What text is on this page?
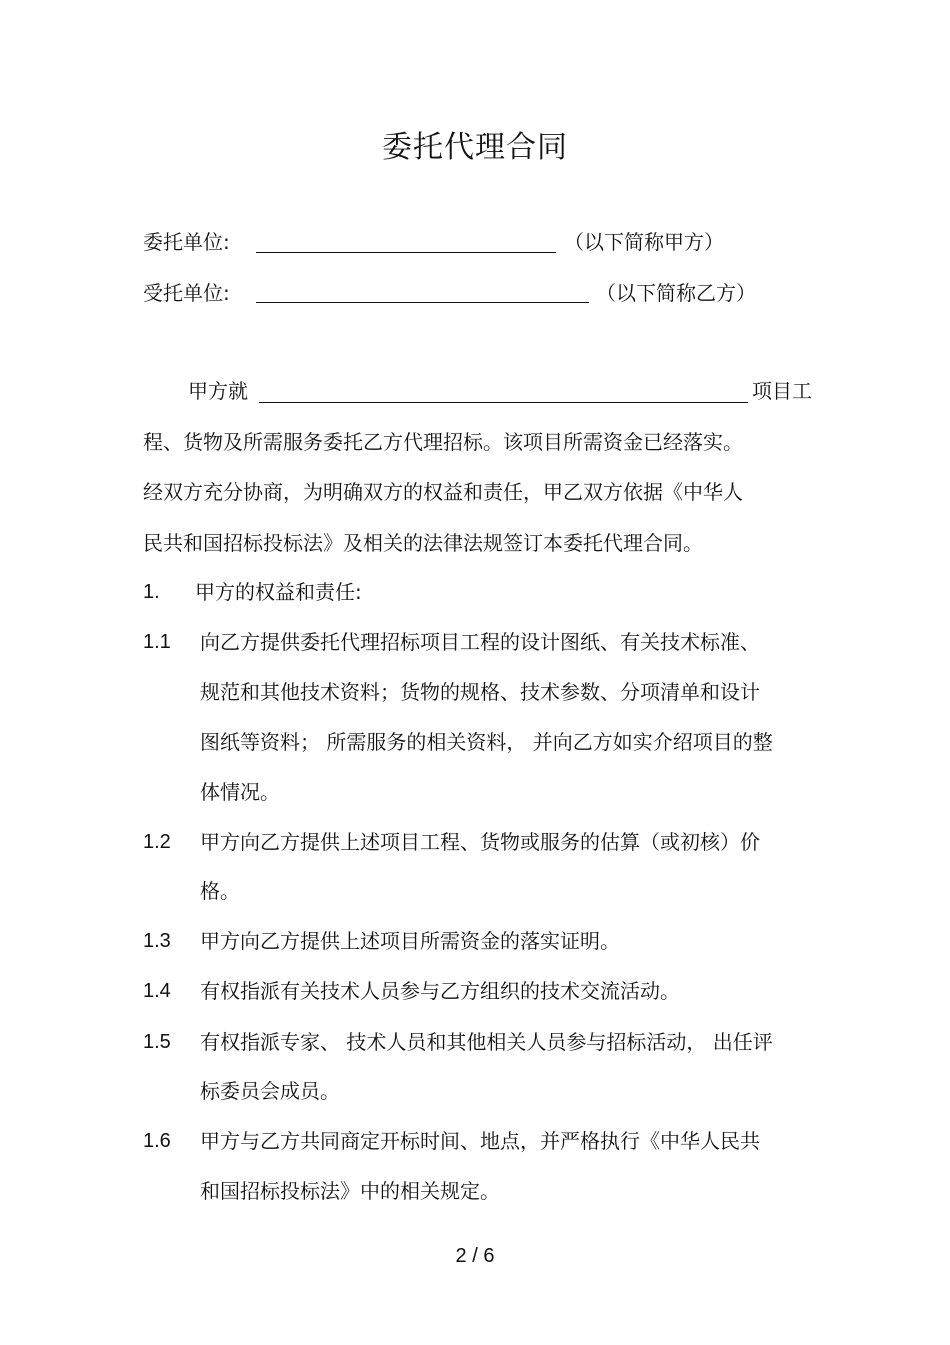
委托代理合同
委托单位:	（以下简称甲方）
受托单位:	（以下简称乙方）
甲方就	项目工
程、货物及所需服务委托乙方代理招标。该项目所需资金已经落实。
经双方充分协商，为明确双方的权益和责任，甲乙双方依据《中华人
民共和国招标投标法》及相关的法律法规签订本委托代理合同。
1. 甲方的权益和责任:
1.1 向乙方提供委托代理招标项目工程的设计图纸、有关技术标准、
规范和其他技术资料；货物的规格、技术参数、分项清单和设计
图纸等资料； 所需服务的相关资料， 并向乙方如实介绍项目的整
体情况。
1.2 甲方向乙方提供上述项目工程、货物或服务的估算（或初核）价
格。
1.3 甲方向乙方提供上述项目所需资金的落实证明。
1.4 有权指派有关技术人员参与乙方组织的技术交流活动。
1.5 有权指派专家、 技术人员和其他相关人员参与招标活动， 出任评
标委员会成员。
1.6 甲方与乙方共同商定开标时间、地点，并严格执行《中华人民共
和国招标投标法》中的相关规定。
2 / 6
